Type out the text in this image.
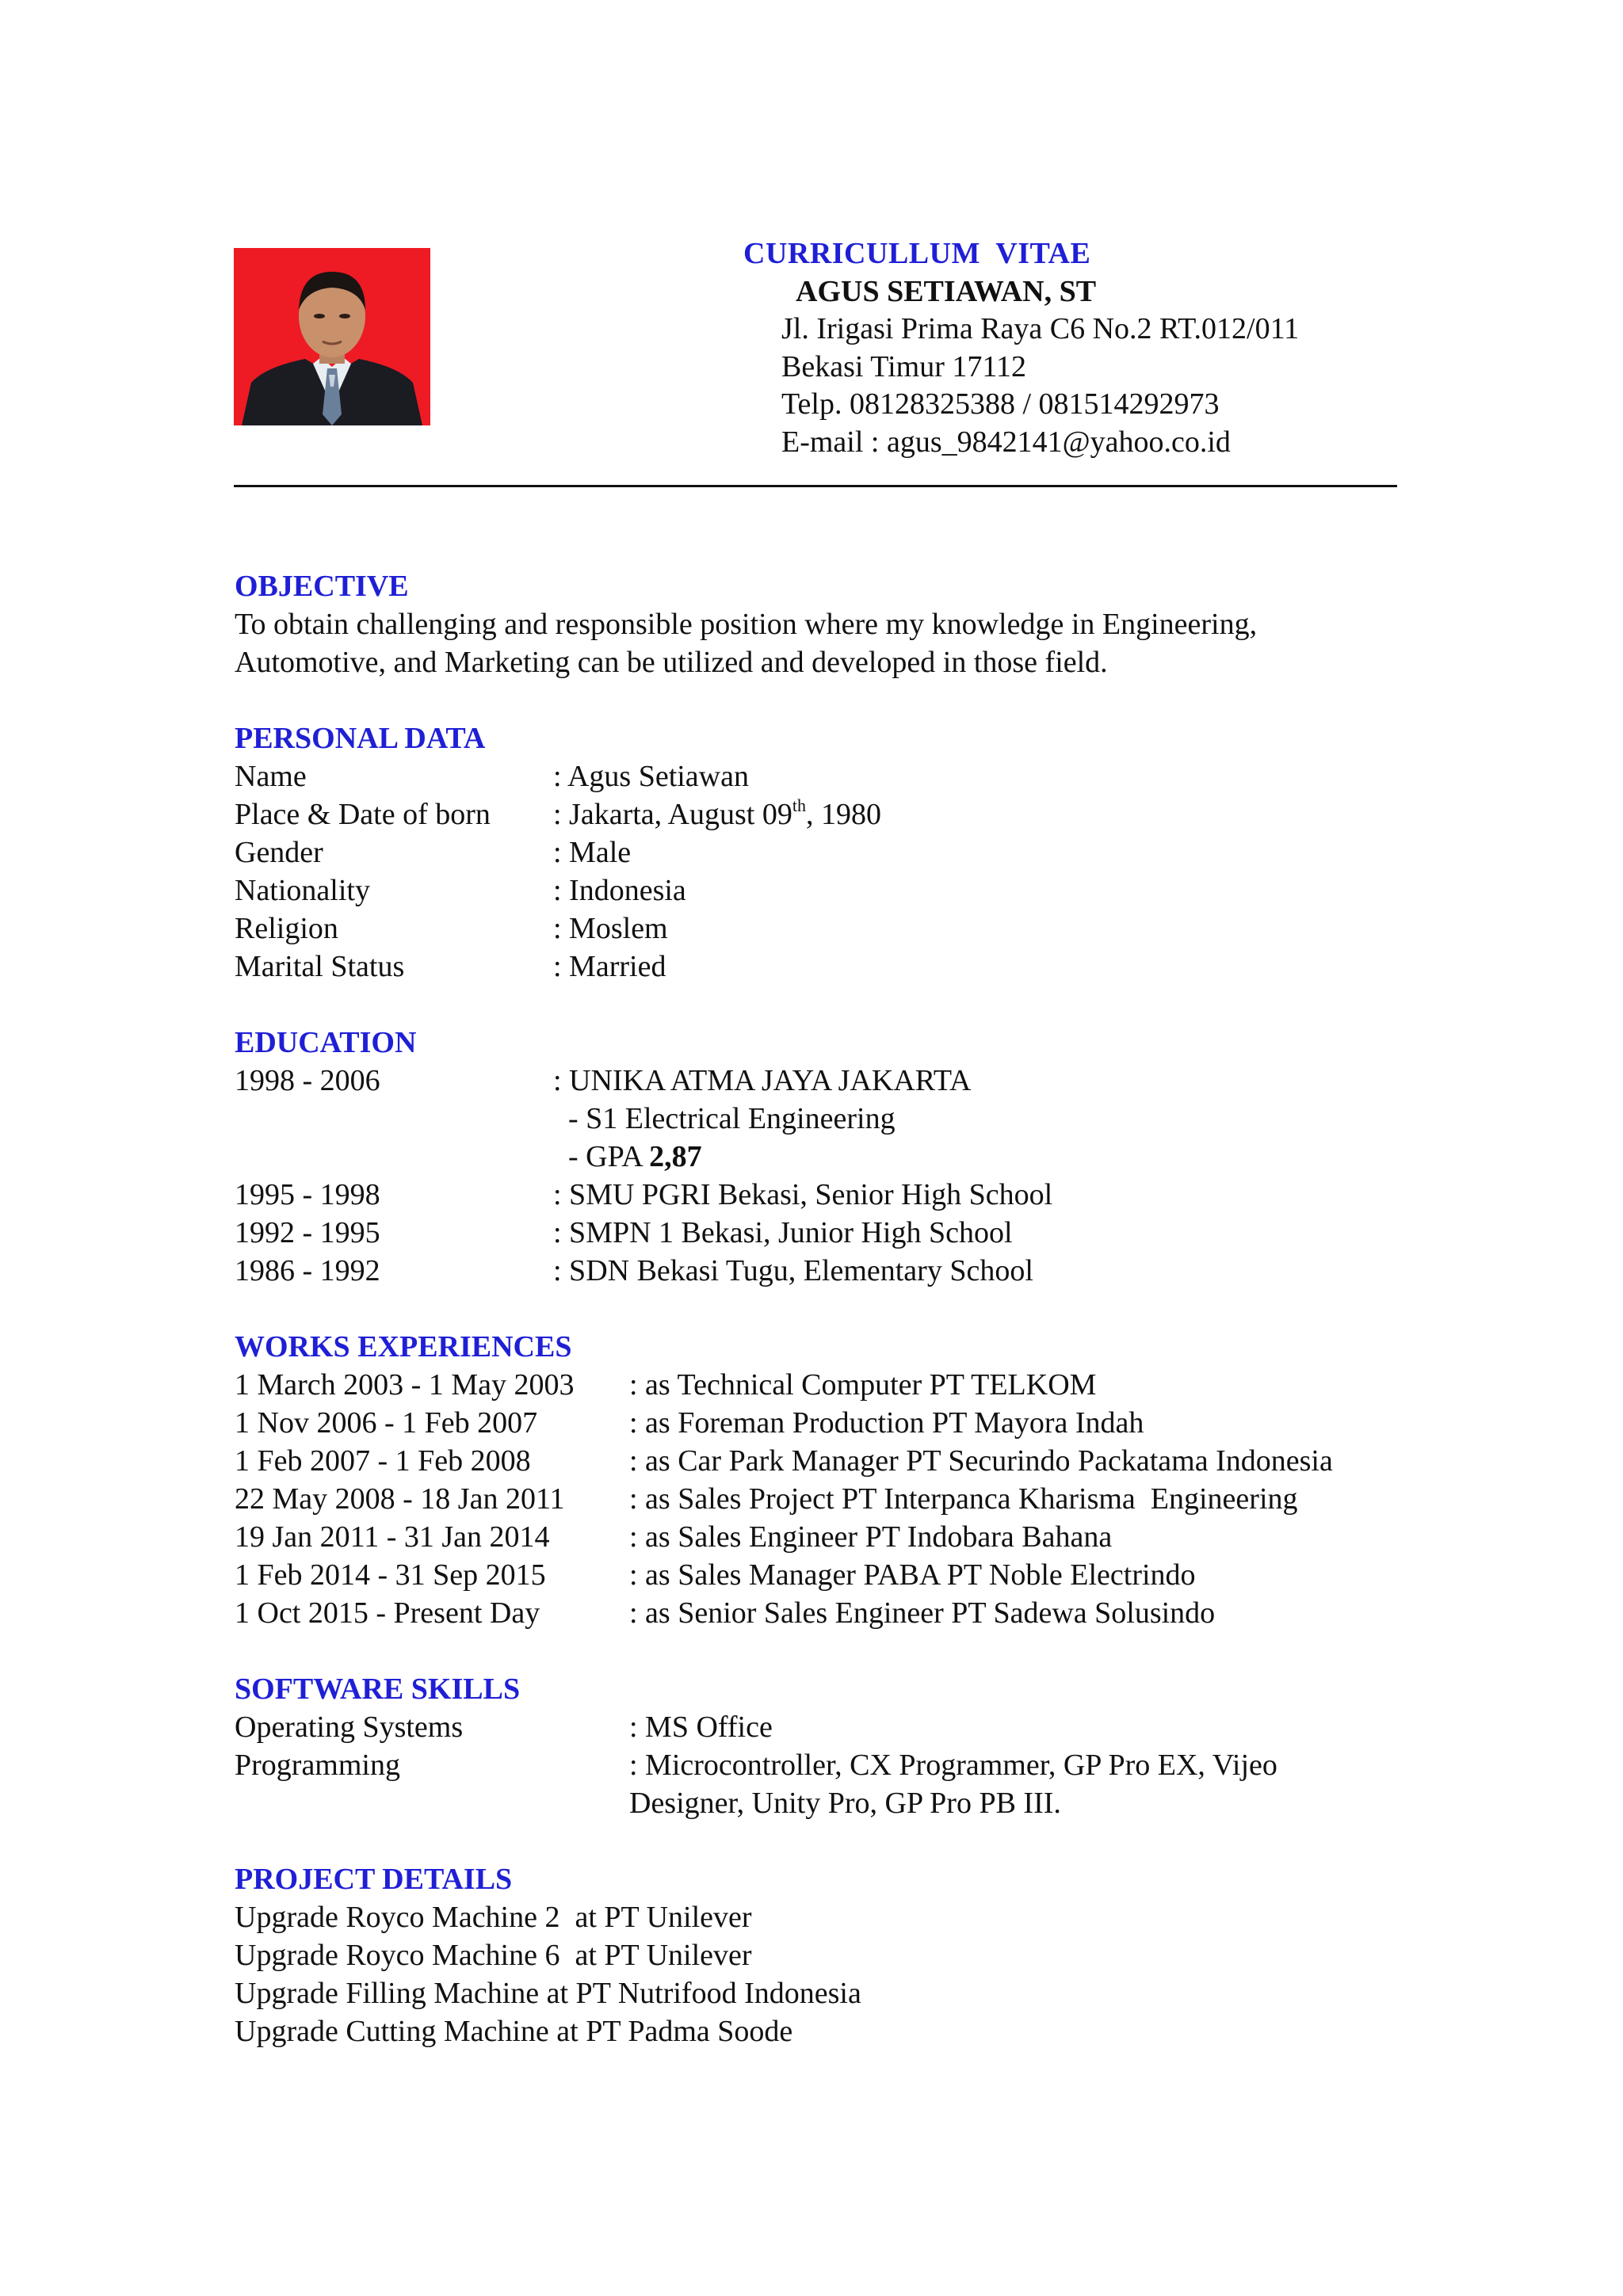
CURRICULLUM  VITAE
AGUS SETIAWAN, ST
Jl. Irigasi Prima Raya C6 No.2 RT.012/011
Bekasi Timur 17112
Telp. 08128325388 / 081514292973
E-mail : agus_9842141@yahoo.co.id
OBJECTIVE
To obtain challenging and responsible position where my knowledge in Engineering,
Automotive, and Marketing can be utilized and developed in those field.
PERSONAL DATA
Name	: Agus Setiawan
Place & Date of born : Jakarta, August 09th, 1980
Gender	: Male
Nationality	: Indonesia
Religion	: Moslem
Marital Status	: Married
EDUCATION
1998 - 2006	: UNIKA ATMA JAYA JAKARTA
- S1 Electrical Engineering
- GPA 2,87
1995 - 1998	: SMU PGRI Bekasi, Senior High School
1992 - 1995	: SMPN 1 Bekasi, Junior High School
1986 - 1992	: SDN Bekasi Tugu, Elementary School
WORKS EXPERIENCES
1 March 2003 - 1 May 2003 : as Technical Computer PT TELKOM
1 Nov 2006 - 1 Feb 2007	: as Foreman Production PT Mayora Indah
1 Feb 2007 - 1 Feb 2008	: as Car Park Manager PT Securindo Packatama Indonesia
22 May 2008 - 18 Jan 2011 : as Sales Project PT Interpanca Kharisma  Engineering
19 Jan 2011 - 31 Jan 2014	: as Sales Engineer PT Indobara Bahana
1 Feb 2014 - 31 Sep 2015	: as Sales Manager PABA PT Noble Electrindo
1 Oct 2015 - Present Day	: as Senior Sales Engineer PT Sadewa Solusindo
SOFTWARE SKILLS
Operating Systems	: MS Office
Programming	: Microcontroller, CX Programmer, GP Pro EX, Vijeo
Designer, Unity Pro, GP Pro PB III.
PROJECT DETAILS
Upgrade Royco Machine 2  at PT Unilever
Upgrade Royco Machine 6  at PT Unilever
Upgrade Filling Machine at PT Nutrifood Indonesia
Upgrade Cutting Machine at PT Padma Soode
